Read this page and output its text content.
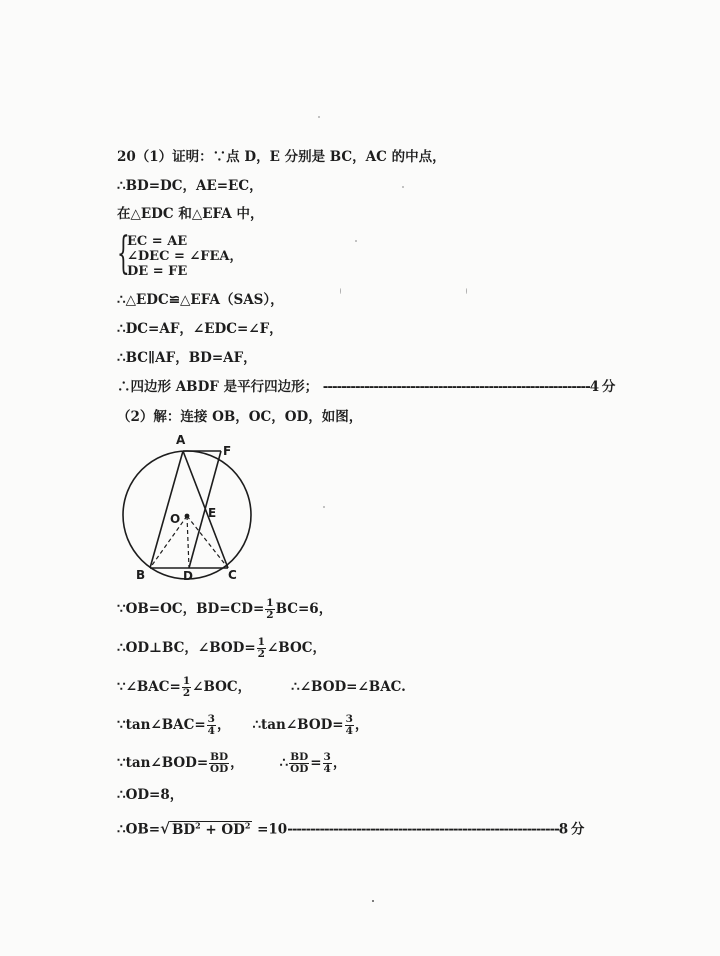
20（1）证明：∵点 D，E 分别是 BC，AC 的中点，
∴BD=DC，AE=EC，
在△EDC 和△EFA 中，
{
EC = AE
∠DEC = ∠FEA，
DE = FE
∴△EDC≌△EFA（SAS），
∴DC=AF，∠EDC=∠F，
∴BC∥AF，BD=AF，
∴四边形 ABDF 是平行四边形； ----------------------------------------------------------4 分
（2）解：连接 OB，OC，OD，如图，
A
F
O E
B	D	C
∵OB=OC，$BD=CD= \frac{1}{2} BC=6$，
∴OD⊥BC，∠BOD= $\frac{1}{2}$ ∠BOC，
∵∠BAC= $\frac{1}{2}$ ∠BOC，	∴∠BOD=∠BAC.
∵tan∠BAC= $\frac{3}{4}$ ， ∴tan∠BOD= $\frac{3}{4}$ ，
∵tan∠BOD= $\frac{BD}{OD}$ ，	∴ $\frac{BD}{OD} = \frac{3}{4}$ ，
∴OD=8，
∴OB=√ $BD^2 + OD^2 =10-----------------------------------------------------------8$ 分
